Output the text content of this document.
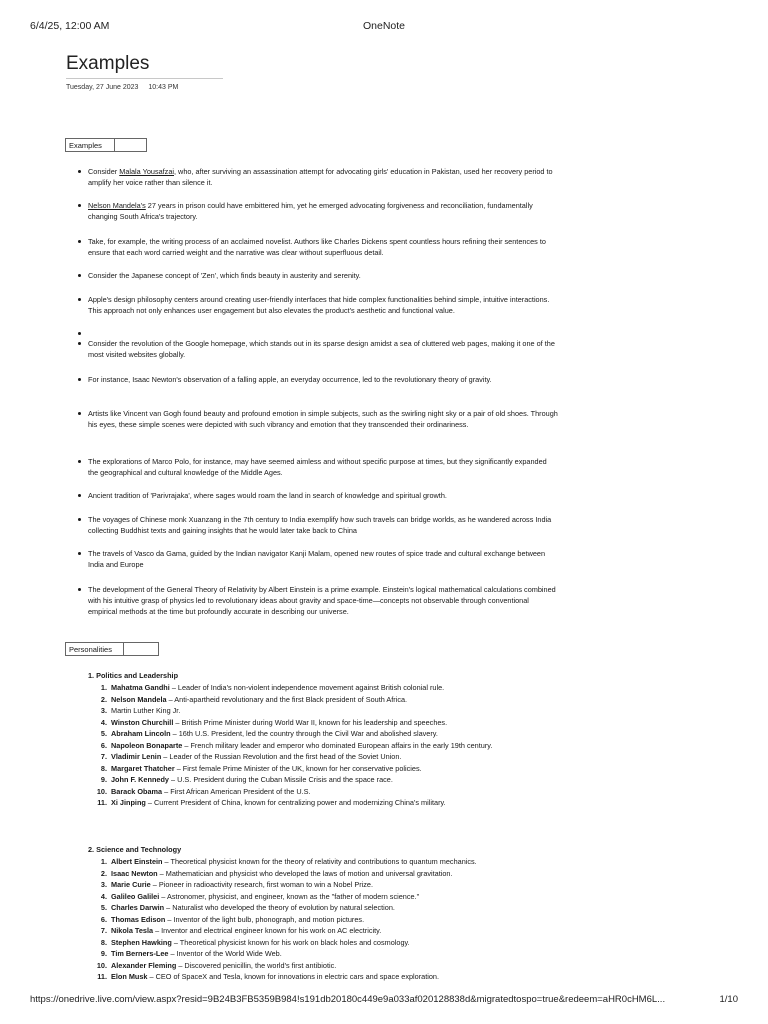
6/4/25, 12:00 AM	OneNote
Examples
Tuesday, 27 June 2023 10:43 PM
Examples
Consider Malala Yousafzai, who, after surviving an assassination attempt for advocating girls' education in Pakistan, used her recovery period to amplify her voice rather than silence it.
Nelson Mandela's 27 years in prison could have embittered him, yet he emerged advocating forgiveness and reconciliation, fundamentally changing South Africa's trajectory.
Take, for example, the writing process of an acclaimed novelist. Authors like Charles Dickens spent countless hours refining their sentences to ensure that each word carried weight and the narrative was clear without superfluous detail.
Consider the Japanese concept of 'Zen', which finds beauty in austerity and serenity.
Apple's design philosophy centers around creating user-friendly interfaces that hide complex functionalities behind simple, intuitive interactions. This approach not only enhances user engagement but also elevates the product's aesthetic and functional value.
Consider the revolution of the Google homepage, which stands out in its sparse design amidst a sea of cluttered web pages, making it one of the most visited websites globally.
For instance, Isaac Newton's observation of a falling apple, an everyday occurrence, led to the revolutionary theory of gravity.
Artists like Vincent van Gogh found beauty and profound emotion in simple subjects, such as the swirling night sky or a pair of old shoes. Through his eyes, these simple scenes were depicted with such vibrancy and emotion that they transcended their ordinariness.
The explorations of Marco Polo, for instance, may have seemed aimless and without specific purpose at times, but they significantly expanded the geographical and cultural knowledge of the Middle Ages.
Ancient tradition of 'Parivrajaka', where sages would roam the land in search of knowledge and spiritual growth.
The voyages of Chinese monk Xuanzang in the 7th century to India exemplify how such travels can bridge worlds, as he wandered across India collecting Buddhist texts and gaining insights that he would later take back to China
The travels of Vasco da Gama, guided by the Indian navigator Kanji Malam, opened new routes of spice trade and cultural exchange between India and Europe
The development of the General Theory of Relativity by Albert Einstein is a prime example. Einstein's logical mathematical calculations combined with his intuitive grasp of physics led to revolutionary ideas about gravity and space-time—concepts not observable through conventional empirical methods at the time but profoundly accurate in describing our universe.
Personalities
1. Politics and Leadership
1. Mahatma Gandhi – Leader of India's non-violent independence movement against British colonial rule.
2. Nelson Mandela – Anti-apartheid revolutionary and the first Black president of South Africa.
3. Martin Luther King Jr.
4. Winston Churchill – British Prime Minister during World War II, known for his leadership and speeches.
5. Abraham Lincoln – 16th U.S. President, led the country through the Civil War and abolished slavery.
6. Napoleon Bonaparte – French military leader and emperor who dominated European affairs in the early 19th century.
7. Vladimir Lenin – Leader of the Russian Revolution and the first head of the Soviet Union.
8. Margaret Thatcher – First female Prime Minister of the UK, known for her conservative policies.
9. John F. Kennedy – U.S. President during the Cuban Missile Crisis and the space race.
10. Barack Obama – First African American President of the U.S.
11. Xi Jinping – Current President of China, known for centralizing power and modernizing China's military.
2. Science and Technology
1. Albert Einstein – Theoretical physicist known for the theory of relativity and contributions to quantum mechanics.
2. Isaac Newton – Mathematician and physicist who developed the laws of motion and universal gravitation.
3. Marie Curie – Pioneer in radioactivity research, first woman to win a Nobel Prize.
4. Galileo Galilei – Astronomer, physicist, and engineer, known as the "father of modern science."
5. Charles Darwin – Naturalist who developed the theory of evolution by natural selection.
6. Thomas Edison – Inventor of the light bulb, phonograph, and motion pictures.
7. Nikola Tesla – Inventor and electrical engineer known for his work on AC electricity.
8. Stephen Hawking – Theoretical physicist known for his work on black holes and cosmology.
9. Tim Berners-Lee – Inventor of the World Wide Web.
10. Alexander Fleming – Discovered penicillin, the world's first antibiotic.
11. Elon Musk – CEO of SpaceX and Tesla, known for innovations in electric cars and space exploration.
https://onedrive.live.com/view.aspx?resid=9B24B3FB5359B984!s191db20180c449e9a033af020128838d&migratedtospo=true&redeem=aHR0cHM6L...	1/10
